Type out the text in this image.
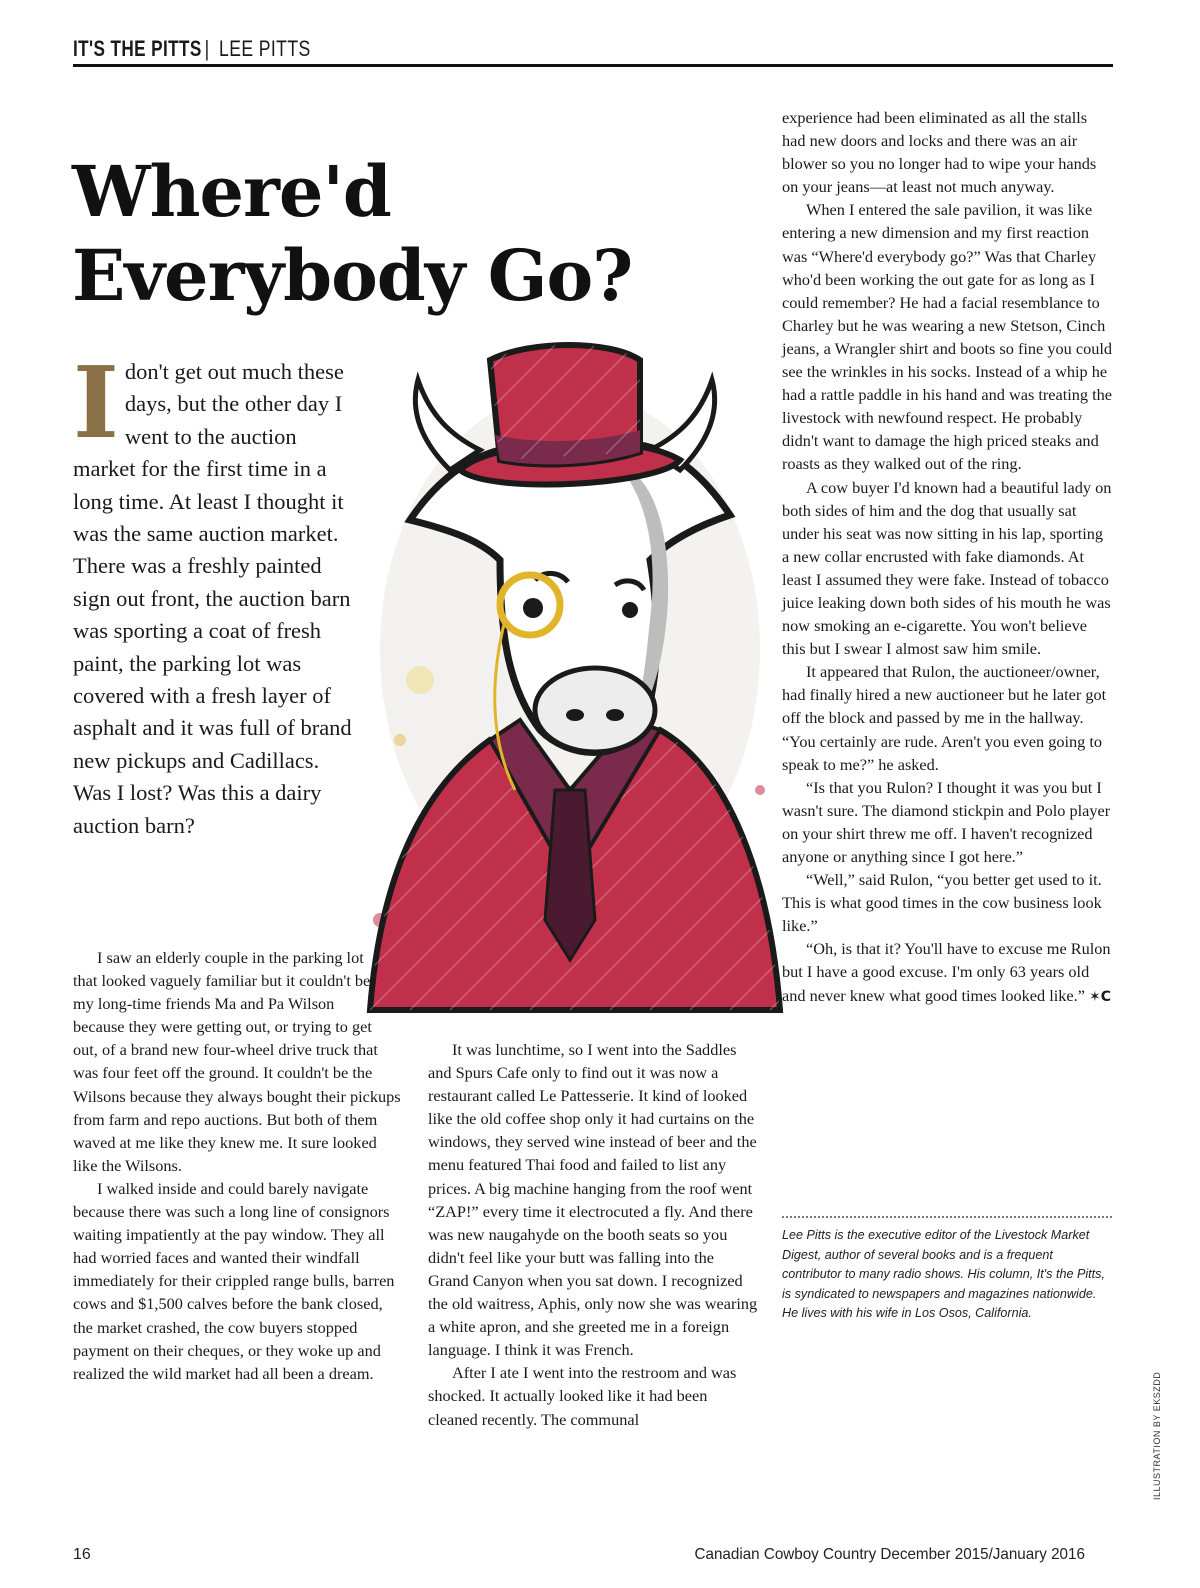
IT'S THE PITTS | LEE PITTS
Where'd
Everybody Go?

Idon't get out much these days, but the other day I went to the auction market for the first time in a long time. At least I thought it was the same auction market. There was a freshly painted sign out front, the auction barn was sporting a coat of fresh paint, the parking lot was covered with a fresh layer of asphalt and it was full of brand new pickups and Cadillacs. Was I lost? Was this a dairy auction barn?

I saw an elderly couple in the parking lot that looked vaguely familiar but it couldn't be my long-time friends Ma and Pa Wilson because they were getting out, or trying to get out, of a brand new four-wheel drive truck that was four feet off the ground. It couldn't be the Wilsons because they always bought their pickups from farm and repo auctions. But both of them waved at me like they knew me. It sure looked like the Wilsons.

I walked inside and could barely navigate because there was such a long line of consignors waiting impatiently at the pay window. They all had worried faces and wanted their windfall immediately for their crippled range bulls, barren cows and $1,500 calves before the bank closed, the market crashed, the cow buyers stopped payment on their cheques, or they woke up and realized the wild market had all been a dream.

It was lunchtime, so I went into the Saddles and Spurs Cafe only to find out it was now a restaurant called Le Pattesserie. It kind of looked like the old coffee shop only it had curtains on the windows, they served wine instead of beer and the menu featured Thai food and failed to list any prices. A big machine hanging from the roof went “ZAP!” every time it electrocuted a fly. And there was new naugahyde on the booth seats so you didn't feel like your butt was falling into the Grand Canyon when you sat down. I recognized the old waitress, Aphis, only now she was wearing a white apron, and she greeted me in a foreign language. I think it was French.

After I ate I went into the restroom and was shocked. It actually looked like it had been cleaned recently. The communal

experience had been eliminated as all the stalls had new doors and locks and there was an air blower so you no longer had to wipe your hands on your jeans—at least not much anyway.

When I entered the sale pavilion, it was like entering a new dimension and my first reaction was “Where'd everybody go?” Was that Charley who'd been working the out gate for as long as I could remember? He had a facial resemblance to Charley but he was wearing a new Stetson, Cinch jeans, a Wrangler shirt and boots so fine you could see the wrinkles in his socks. Instead of a whip he had a rattle paddle in his hand and was treating the livestock with newfound respect. He probably didn't want to damage the high priced steaks and roasts as they walked out of the ring.

A cow buyer I'd known had a beautiful lady on both sides of him and the dog that usually sat under his seat was now sitting in his lap, sporting a new collar encrusted with fake diamonds. At least I assumed they were fake. Instead of tobacco juice leaking down both sides of his mouth he was now smoking an e-cigarette. You won't believe this but I swear I almost saw him smile.

It appeared that Rulon, the auctioneer/owner, had finally hired a new auctioneer but he later got off the block and passed by me in the hallway. “You certainly are rude. Aren't you even going to speak to me?” he asked.

“Is that you Rulon? I thought it was you but I wasn't sure. The diamond stickpin and Polo player on your shirt threw me off. I haven't recognized anyone or anything since I got here.”

“Well,” said Rulon, “you better get used to it. This is what good times in the cow business look like.”

“Oh, is that it? You'll have to excuse me Rulon but I have a good excuse. I'm only 63 years old and never knew what good times looked like.” ✶C

Lee Pitts is the executive editor of the Livestock Market Digest, author of several books and is a frequent contributor to many radio shows. His column, It's the Pitts, is syndicated to newspapers and magazines nationwide. He lives with his wife in Los Osos, California.

ILLUSTRATION BY EKSZDD
16	Canadian Cowboy Country December 2015/January 2016
